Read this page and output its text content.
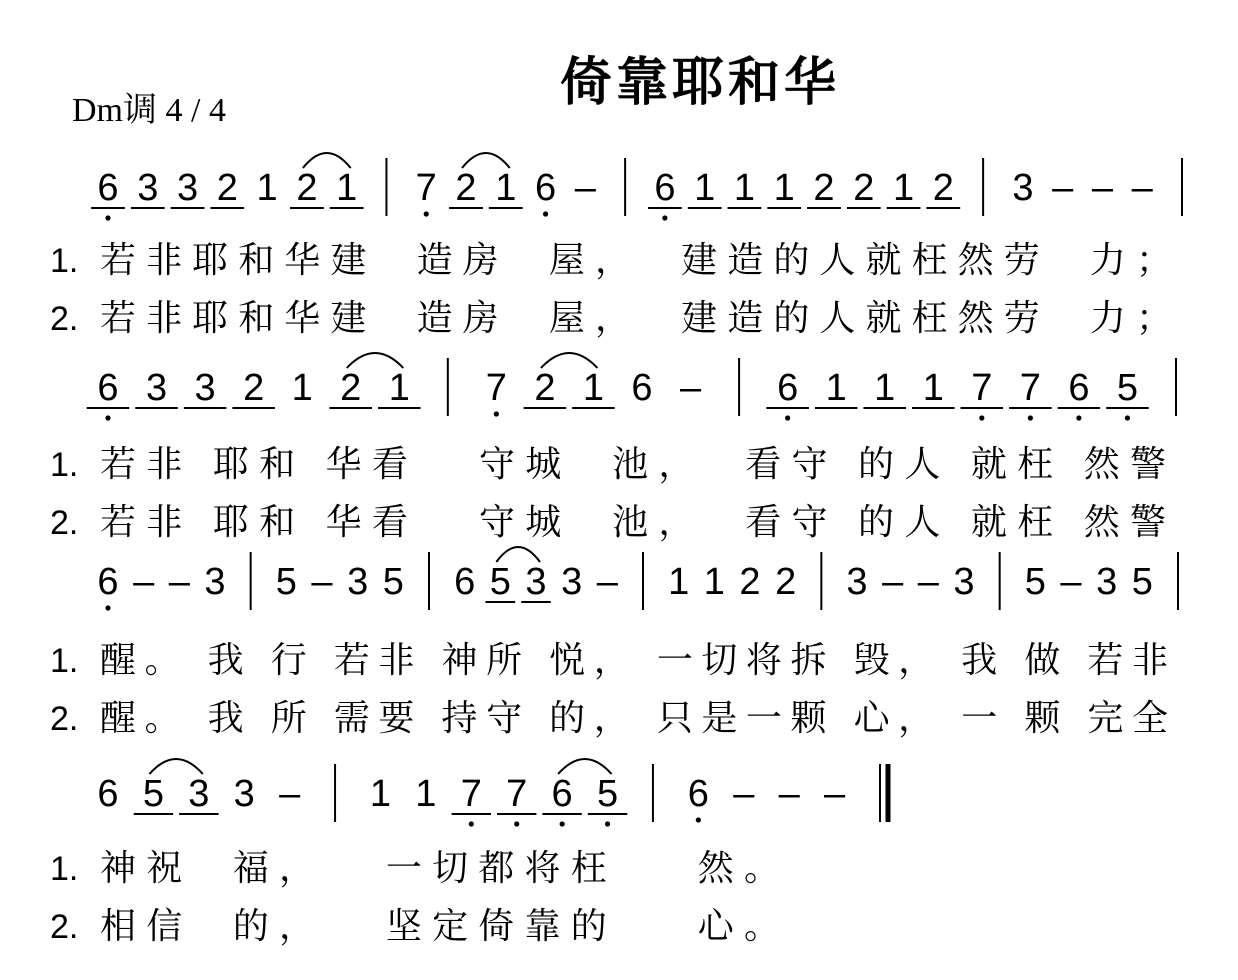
Dm调 4 / 4	倚靠耶和华
6 3 3 2 1 2 1 7 2 1 6 – 6 1 1 1 2 2 1 2 3 – – –
1. 若非耶和华建  造房  屋，  建造的人就枉然劳  力；
2. 若非耶和华建  造房  屋，  建造的人就枉然劳  力；
6 3 3 2 1 2 1 7 2 1 6 – 6 1 1 1 7 7 6 5
1. 若非 耶和 华看   守城  池，  看守 的人 就枉 然警
2. 若非 耶和 华看   守城  池，  看守 的人 就枉 然警
6 – – 3 5 – 3 5 6 5 3 3 – 1 1 2 2 3 – – 3 5 – 3 5
1. 醒。 我 行 若非 神所 悦， 一切将拆 毁， 我 做 若非
2. 醒。 我 所 需要 持守 的， 只是一颗 心， 一 颗 完全
6 5 3 3 – 1 1 7 7 6 5 6 – – –
1. 神祝  福，   一切都将枉    然。
2. 相信  的，   坚定倚靠的    心。
